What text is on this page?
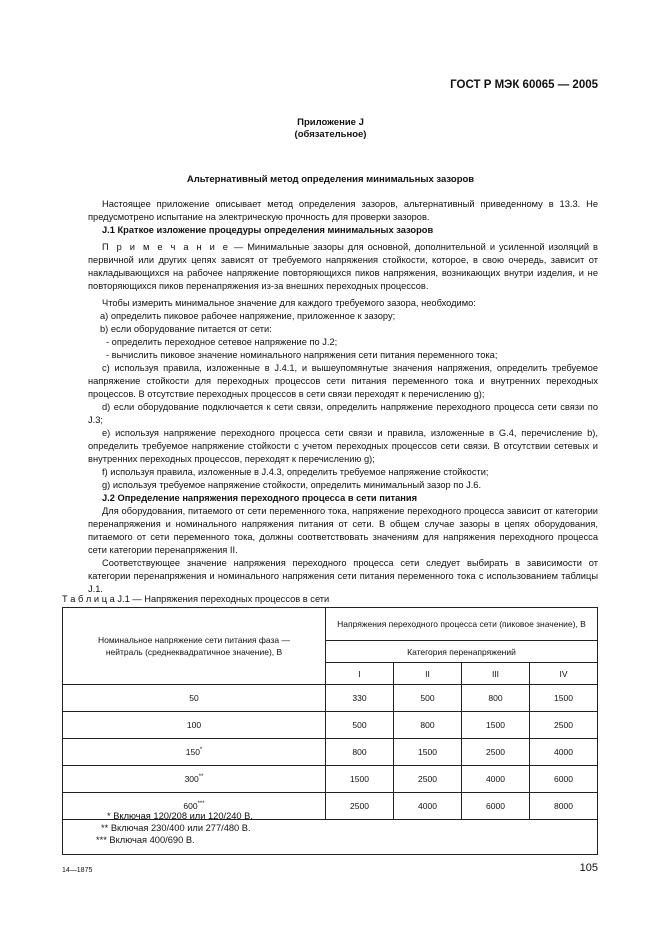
ГОСТ Р МЭК 60065 — 2005
Приложение J
(обязательное)
Альтернативный метод определения минимальных зазоров

Настоящее приложение описывает метод определения зазоров, альтернативный приведенному в 13.3. Не предусмотрено испытание на электрическую прочность для проверки зазоров.

J.1 Краткое изложение процедуры определения минимальных зазоров

П р и м е ч а н и е — Минимальные зазоры для основной, дополнительной и усиленной изоляций в первичной или других цепях зависят от требуемого напряжения стойкости, которое, в свою очередь, зависит от накладывающихся на рабочее напряжение повторяющихся пиков напряжения, возникающих внутри изделия, и не повторяющихся пиков перенапряжения из-за внешних переходных процессов.

Чтобы измерить минимальное значение для каждого требуемого зазора, необходимо:

a) определить пиковое рабочее напряжение, приложенное к зазору;

b) если оборудование питается от сети:

- определить переходное сетевое напряжение по J.2;

- вычислить пиковое значение номинального напряжения сети питания переменного тока;

c) используя правила, изложенные в J.4.1, и вышеупомянутые значения напряжения, определить требуемое напряжение стойкости для переходных процессов сети питания переменного тока и внутренних переходных процессов. В отсутствие переходных процессов в сети связи переходят к перечислению g);

d) если оборудование подключается к сети связи, определить напряжение переходного процесса сети связи по J.3;

e) используя напряжение переходного процесса сети связи и правила, изложенные в G.4, перечисление b), определить требуемое напряжение стойкости с учетом переходных процессов сети связи. В отсутствии сетевых и внутренних переходных процессов, переходят к перечислению g);

f) используя правила, изложенные в J.4.3, определить требуемое напряжение стойкости;

g) используя требуемое напряжение стойкости, определить минимальный зазор по J.6.

J.2 Определение напряжения переходного процесса в сети питания

Для оборудования, питаемого от сети переменного тока, напряжение переходного процесса зависит от категории перенапряжения и номинального напряжения питания от сети. В общем случае зазоры в цепях оборудования, питаемого от сети переменного тока, должны соответствовать значениям для напряжения переходного процесса сети категории перенапряжения II.

Соответствующее значение напряжения переходного процесса сети следует выбирать в зависимости от категории перенапряжения и номинального напряжения сети питания переменного тока с использованием таблицы J.1.

Т а б л и ц а J.1 — Напряжения переходных процессов в сети
Номинальное напряжение сети питания фаза — нейтраль (среднеквадратичное значение), В	Напряжения переходного процесса сети (пиковое значение), В			
	Категория перенапряжений			
	I	II	III	IV
50	330	500	800	1500
100	500	800	1500	2500
150*	800	1500	2500	4000
300**	1500	2500	4000	6000
600***	2500	4000	6000	8000
* Включая 120/208 или 120/240 В.
** Включая 230/400 или 277/480 В.
*** Включая 400/690 В.
14—1875	105
